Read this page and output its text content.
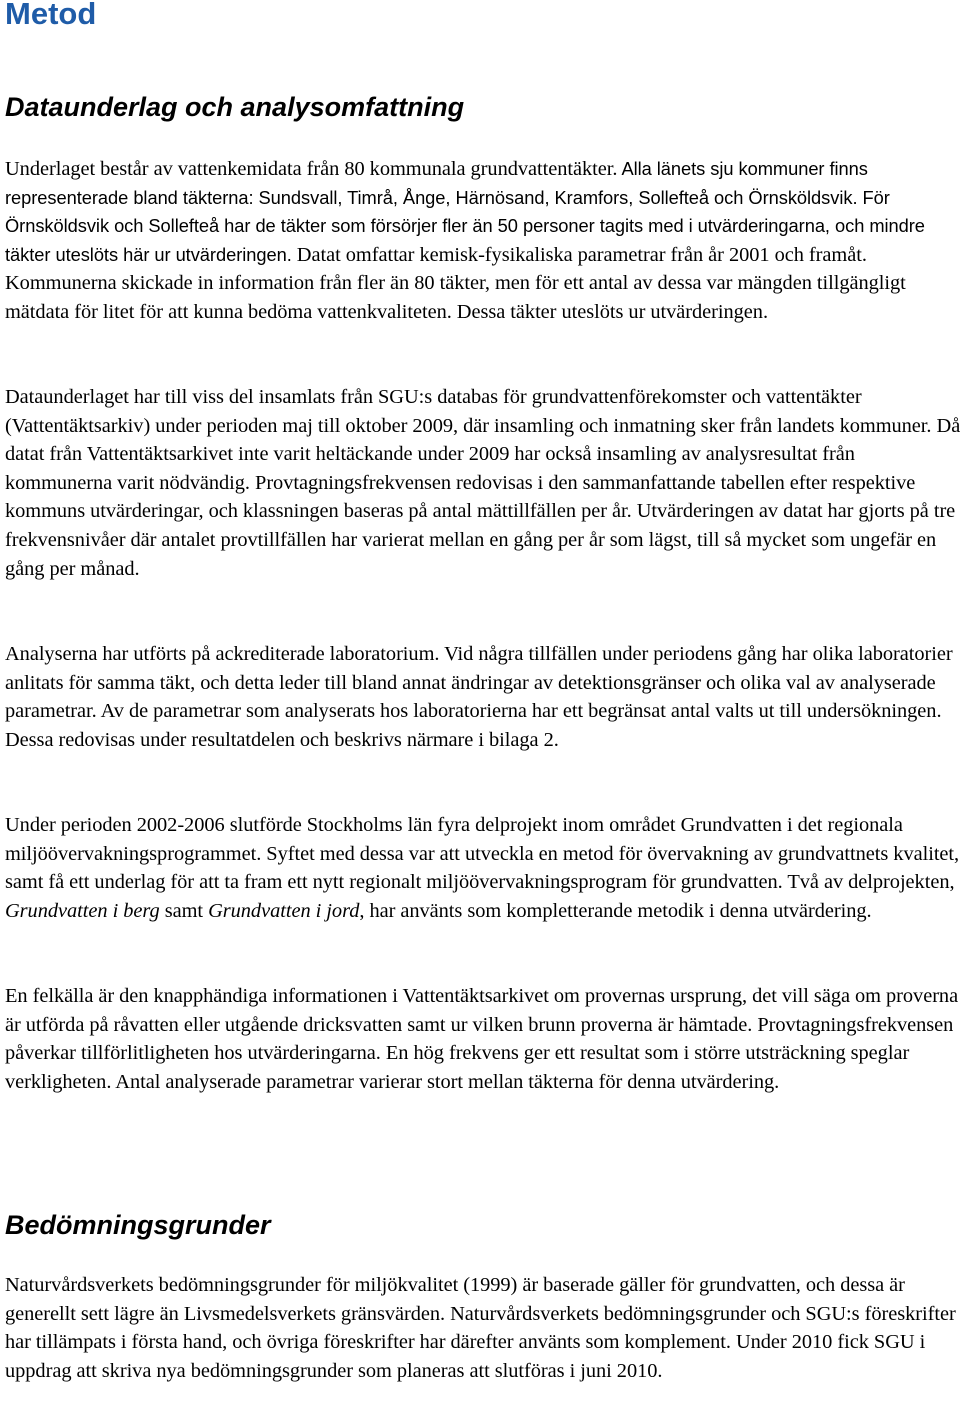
Metod
Dataunderlag och analysomfattning
Underlaget består av vattenkemidata från 80 kommunala grundvattentäkter. Alla länets sju kommuner finns representerade bland täkterna: Sundsvall, Timrå, Ånge, Härnösand, Kramfors, Sollefteå och Örnsköldsvik. För Örnsköldsvik och Sollefteå har de täkter som försörjer fler än 50 personer tagits med i utvärderingarna, och mindre täkter uteslöts här ur utvärderingen. Datat omfattar kemisk-fysikaliska parametrar från år 2001 och framåt. Kommunerna skickade in information från fler än 80 täkter, men för ett antal av dessa var mängden tillgängligt mätdata för litet för att kunna bedöma vattenkvaliteten. Dessa täkter uteslöts ur utvärderingen.
Dataunderlaget har till viss del insamlats från SGU:s databas för grundvattenförekomster och vattentäkter (Vattentäktsarkiv) under perioden maj till oktober 2009, där insamling och inmatning sker från landets kommuner. Då datat från Vattentäktsarkivet inte varit heltäckande under 2009 har också insamling av analysresultat från kommunerna varit nödvändig. Provtagningsfrekvensen redovisas i den sammanfattande tabellen efter respektive kommuns utvärderingar, och klassningen baseras på antal mättillfällen per år. Utvärderingen av datat har gjorts på tre frekvensnivåer där antalet provtillfällen har varierat mellan en gång per år som lägst, till så mycket som ungefär en gång per månad.
Analyserna har utförts på ackrediterade laboratorium. Vid några tillfällen under periodens gång har olika laboratorier anlitats för samma täkt, och detta leder till bland annat ändringar av detektionsgränser och olika val av analyserade parametrar. Av de parametrar som analyserats hos laboratorierna har ett begränsat antal valts ut till undersökningen. Dessa redovisas under resultatdelen och beskrivs närmare i bilaga 2.
Under perioden 2002-2006 slutförde Stockholms län fyra delprojekt inom området Grundvatten i det regionala miljöövervakningsprogrammet. Syftet med dessa var att utveckla en metod för övervakning av grundvattnets kvalitet, samt få ett underlag för att ta fram ett nytt regionalt miljöövervakningsprogram för grundvatten. Två av delprojekten, Grundvatten i berg samt Grundvatten i jord, har använts som kompletterande metodik i denna utvärdering.
En felkälla är den knapphändiga informationen i Vattentäktsarkivet om provernas ursprung, det vill säga om proverna är utförda på råvatten eller utgående dricksvatten samt ur vilken brunn proverna är hämtade. Provtagningsfrekvensen påverkar tillförlitligheten hos utvärderingarna. En hög frekvens ger ett resultat som i större utsträckning speglar verkligheten. Antal analyserade parametrar varierar stort mellan täkterna för denna utvärdering.
Bedömningsgrunder
Naturvårdsverkets bedömningsgrunder för miljökvalitet (1999) är baserade gäller för grundvatten, och dessa är generellt sett lägre än Livsmedelsverkets gränsvärden. Naturvårdsverkets bedömningsgrunder och SGU:s föreskrifter har tillämpats i första hand, och övriga föreskrifter har därefter använts som komplement. Under 2010 fick SGU i uppdrag att skriva nya bedömningsgrunder som planeras att slutföras i juni 2010.
